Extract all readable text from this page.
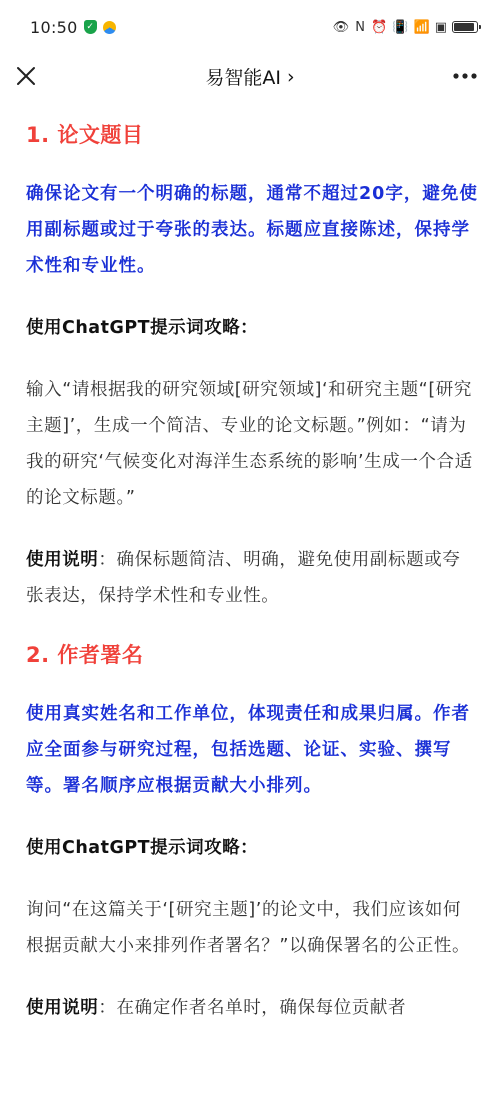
10:50 ✓	👁 N ⏰ 📳 📶 ▣
易智能AI ›
1. 论文题目

确保论文有一个明确的标题，通常不超过20字，避免使用副标题或过于夸张的表达。标题应直接陈述，保持学术性和专业性。

使用ChatGPT提示词攻略：

输入“请根据我的研究领域[研究领域]‘和研究主题“[研究主题]’，生成一个简洁、专业的论文标题。”例如：“请为我的研究‘气候变化对海洋生态系统的影响’生成一个合适的论文标题。”

使用说明：确保标题简洁、明确，避免使用副标题或夸张表达，保持学术性和专业性。

2. 作者署名

使用真实姓名和工作单位，体现责任和成果归属。作者应全面参与研究过程，包括选题、论证、实验、撰写等。署名顺序应根据贡献大小排列。

使用ChatGPT提示词攻略：

询问“在这篇关于‘[研究主题]’的论文中，我们应该如何根据贡献大小来排列作者署名？”以确保署名的公正性。

使用说明：在确定作者名单时，确保每位贡献者
